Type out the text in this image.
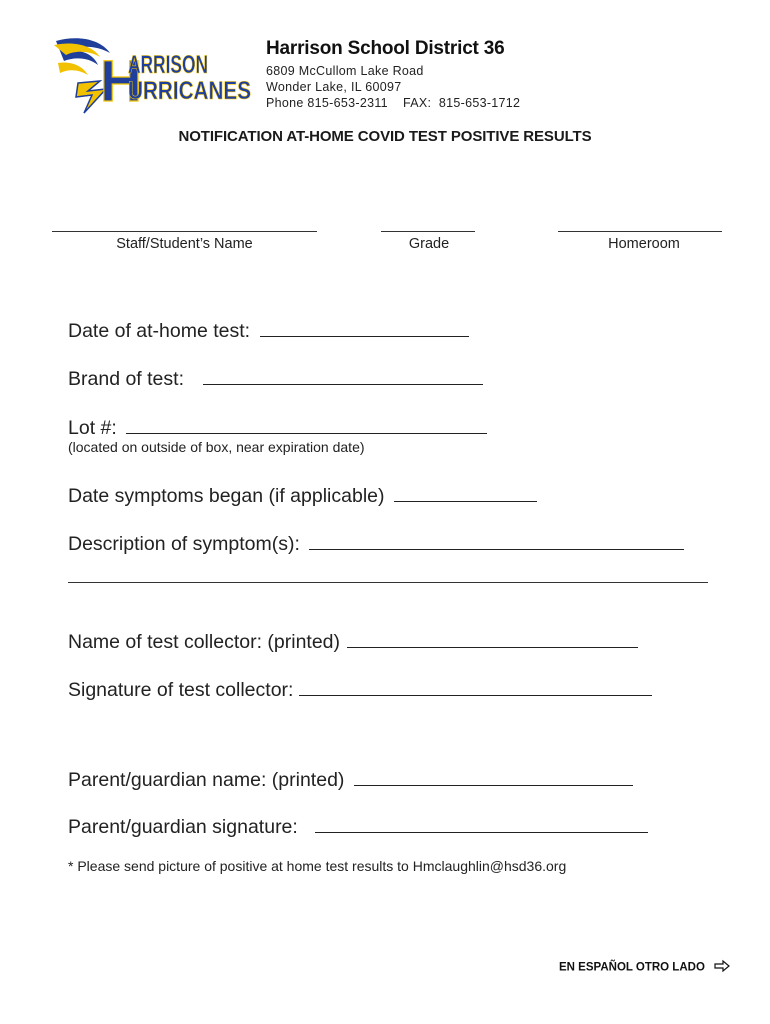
H
ARRISON
URRICANES
Harrison School District 36
6809 McCullom Lake Road
Wonder Lake, IL 60097
Phone 815-653-2311    FAX:  815-653-1712
NOTIFICATION AT-HOME COVID TEST POSITIVE RESULTS
Staff/Student’s Name	Grade	Homeroom
Date of at-home test:
Brand of test:
Lot #:
(located on outside of box, near expiration date)
Date symptoms began (if applicable)
Description of symptom(s):
Name of test collector: (printed)
Signature of test collector:
Parent/guardian name: (printed)
Parent/guardian signature:
* Please send picture of positive at home test results to Hmclaughlin@hsd36.org
EN ESPAÑOL OTRO LADO
